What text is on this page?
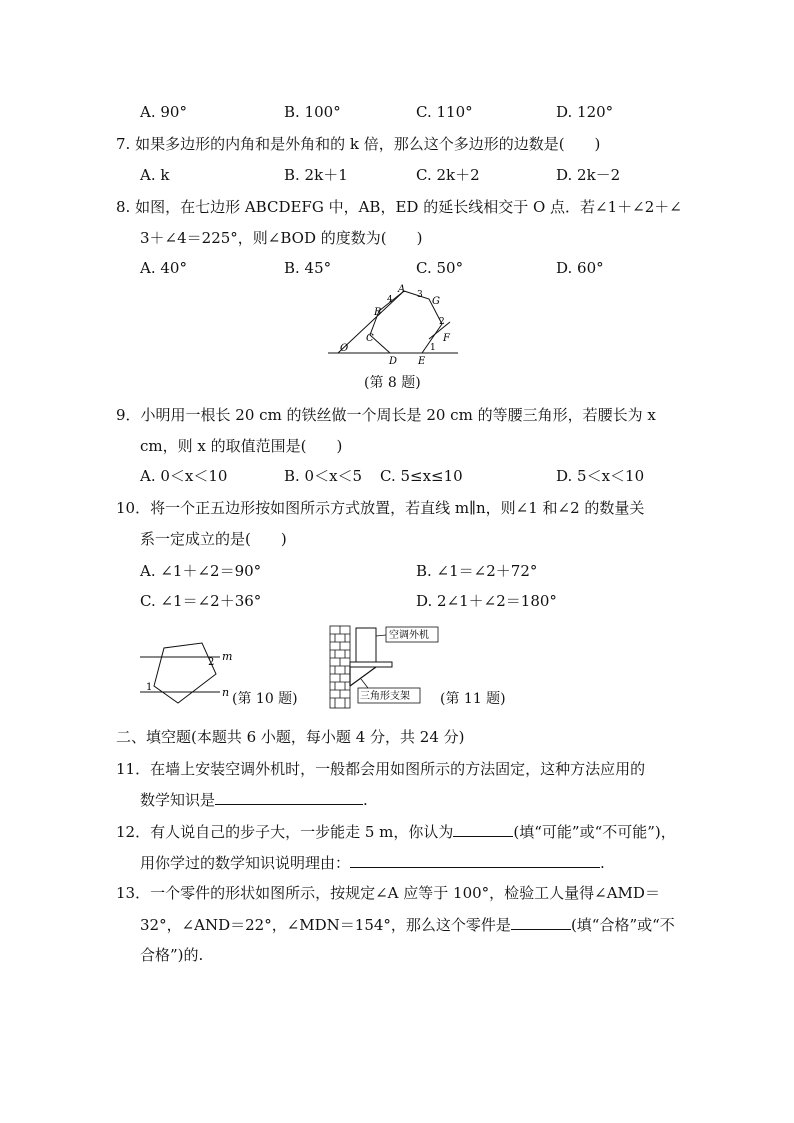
A. 90°	B. 100°	C. 110°	D. 120°
7. 如果多边形的内角和是外角和的 k 倍，那么这个多边形的边数是(　　)
A. k	B. 2k＋1	C. 2k＋2	D. 2k－2
8. 如图，在七边形 ABCDEFG 中，AB，ED 的延长线相交于 O 点．若∠1＋∠2＋∠
3＋∠4＝225°，则∠BOD 的度数为(　　)
A. 40°	B. 45°	C. 50°	D. 60°
A
B
C
D E
F
G
O	1
2
3
4
(第 8 题)
9．小明用一根长 20 cm 的铁丝做一个周长是 20 cm 的等腰三角形，若腰长为 x
cm，则 x 的取值范围是(　　)
A. 0＜x＜10	B. 0＜x＜5 C. 5≤x≤10	D. 5＜x＜10
10．将一个正五边形按如图所示方式放置，若直线 m∥n，则∠1 和∠2 的数量关
系一定成立的是(　　)
A. ∠1＋∠2＝90°	B. ∠1＝∠2＋72°
C. ∠1＝∠2＋36°	D. 2∠1＋∠2＝180°
m
n
1
2
(第 10 题)
空调外机
三角形支架 (第 11 题)
二、填空题(本题共 6 小题，每小题 4 分，共 24 分)
11．在墙上安装空调外机时，一般都会用如图所示的方法固定，这种方法应用的
数学知识是	.
12．有人说自己的步子大，一步能走 5 m，你认为	(填“可能”或“不可能”)，
用你学过的数学知识说明理由：	.
13．一个零件的形状如图所示，按规定∠A 应等于 100°，检验工人量得∠AMD＝
32°，∠AND＝22°，∠MDN＝154°，那么这个零件是	(填“合格”或“不
合格”)的.
